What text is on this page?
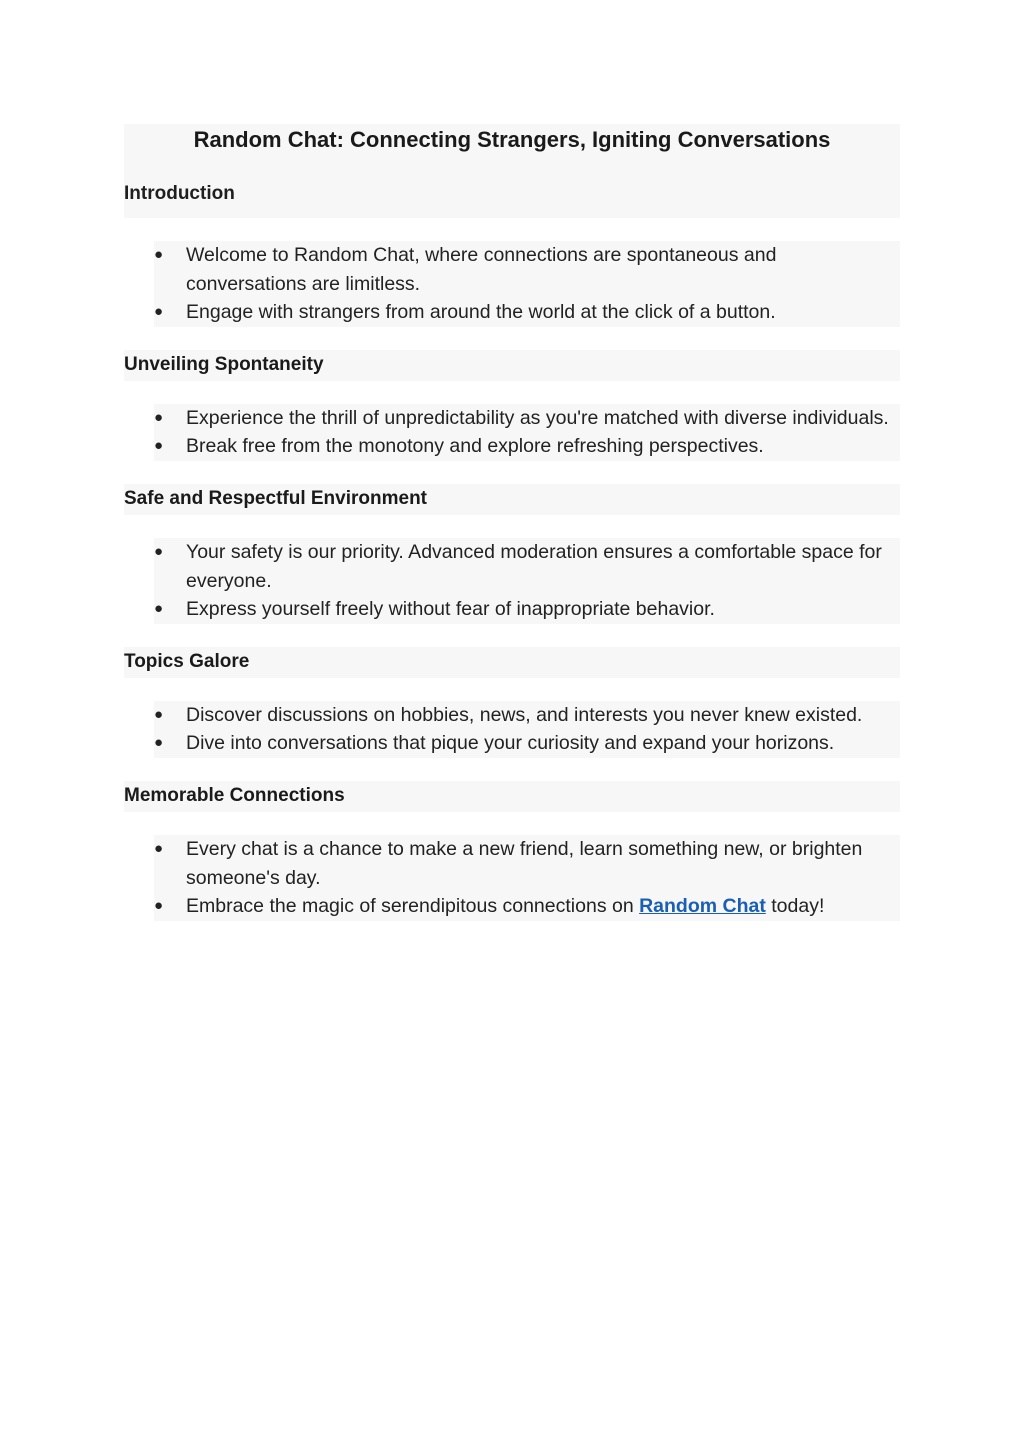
Random Chat: Connecting Strangers, Igniting Conversations
Introduction
● Welcome to Random Chat, where connections are spontaneous and conversations are limitless.
● Engage with strangers from around the world at the click of a button.
Unveiling Spontaneity
● Experience the thrill of unpredictability as you're matched with diverse individuals.
● Break free from the monotony and explore refreshing perspectives.
Safe and Respectful Environment
● Your safety is our priority. Advanced moderation ensures a comfortable space for everyone.
● Express yourself freely without fear of inappropriate behavior.
Topics Galore
● Discover discussions on hobbies, news, and interests you never knew existed.
● Dive into conversations that pique your curiosity and expand your horizons.
Memorable Connections
● Every chat is a chance to make a new friend, learn something new, or brighten someone's day.
● Embrace the magic of serendipitous connections on Random Chat today!
